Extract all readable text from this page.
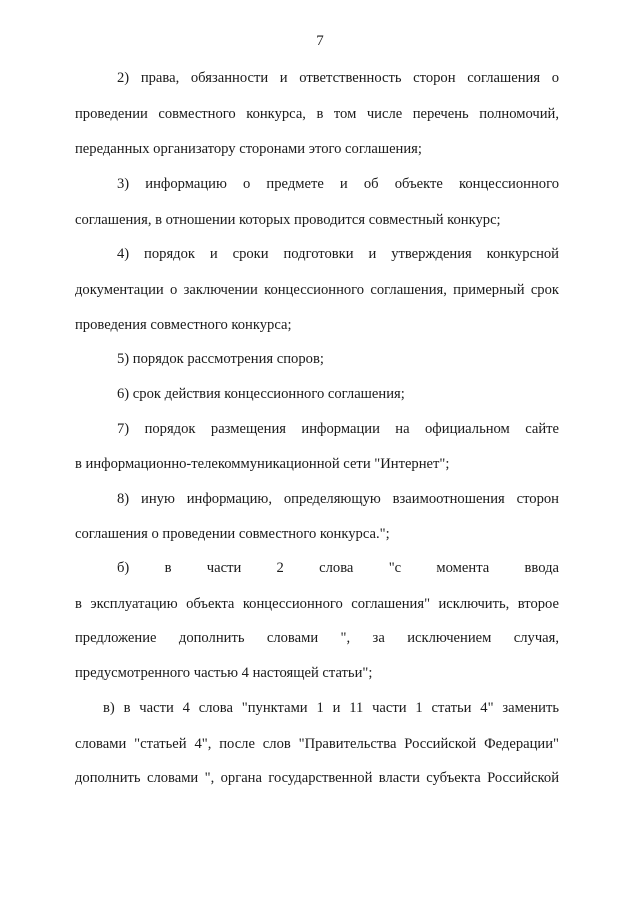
7
2) права, обязанности и ответственность сторон соглашения о
проведении совместного конкурса, в том числе перечень полномочий,
переданных организатору сторонами этого соглашения;
3) информацию о предмете и об объекте концессионного
соглашения, в отношении которых проводится совместный конкурс;
4) порядок и сроки подготовки и утверждения конкурсной
документации о заключении концессионного соглашения, примерный срок
проведения совместного конкурса;
5) порядок рассмотрения споров;
6) срок действия концессионного соглашения;
7) порядок размещения информации на официальном сайте
в информационно-телекоммуникационной сети "Интернет";
8) иную информацию, определяющую взаимоотношения сторон
соглашения о проведении совместного конкурса.";
б) в части 2 слова "с момента ввода
в эксплуатацию объекта концессионного соглашения" исключить, второе
предложение дополнить словами ", за исключением случая,
предусмотренного частью 4 настоящей статьи";
в) в части 4 слова "пунктами 1 и 11 части 1 статьи 4" заменить
словами "статьей 4", после слов "Правительства Российской Федерации"
дополнить словами ", органа государственной власти субъекта Российской
